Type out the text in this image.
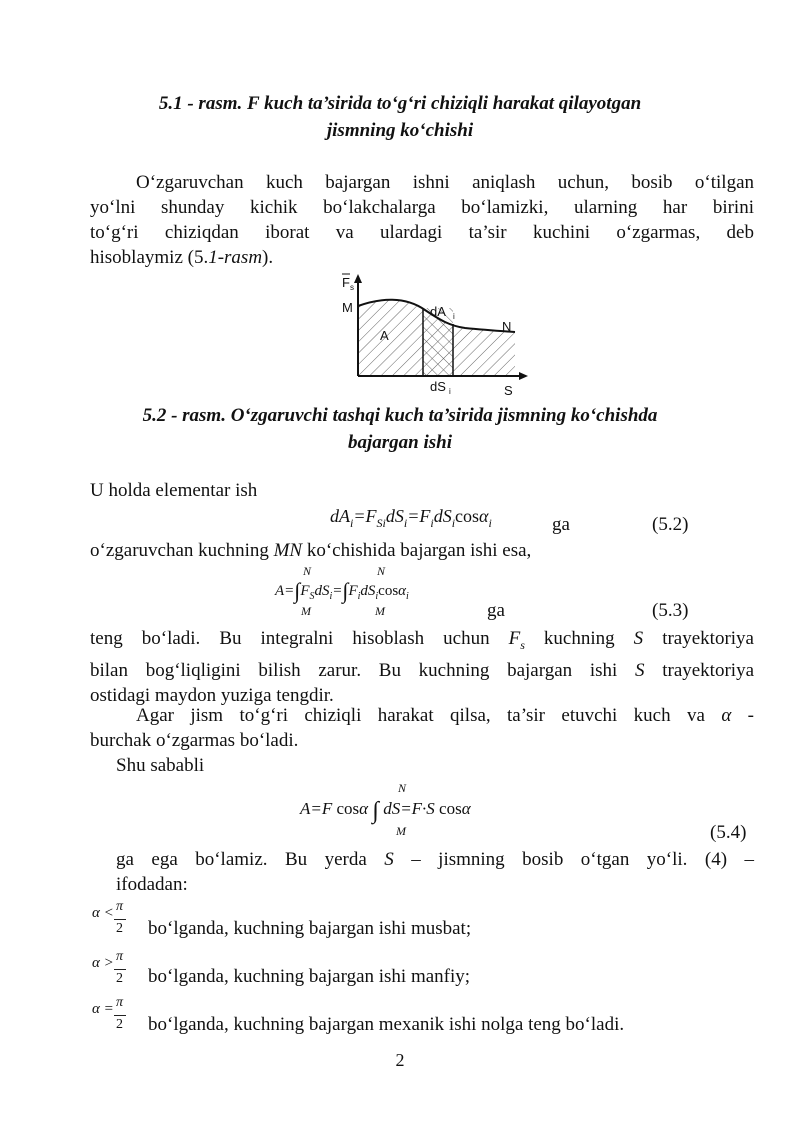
5.1 - rasm. F kuch ta’sirida to‘g‘ri chiziqli harakat qilayotgan
jismning ko‘chishi
O‘zgaruvchan kuch bajargan ishni aniqlash uchun, bosib o‘tilgan
yo‘lni shunday kichik bo‘lakchalarga bo‘lamizki, ularning har birini
to‘g‘ri chiziqdan iborat va ulardagi ta’sir kuchini o‘zgarmas, deb
hisoblaymiz (5.1-rasm).
F s
M
N
A
dA i
dS i	S
5.2 - rasm. O‘zgaruvchi tashqi kuch ta’sirida jismning ko‘chishda
bajargan ishi
U holda elementar ish
$dA_i=F_{Si}dS_i=F_idS_i\cos\alpha_i$	ga	(5.2)
o‘zgaruvchan kuchning MN ko‘chishida bajargan ishi esa,
$A=\int F_SdS_i=\int F_idS_i\cos\alpha_i$
N
M
N
M	ga	(5.3)
teng bo‘ladi. Bu integralni hisoblash uchun $F_s$ kuchning S trayektoriya
bilan bog‘liqligini bilish zarur. Bu kuchning bajargan ishi S trayektoriya
ostidagi maydon yuziga tengdir.
Agar jism to‘g‘ri chiziqli harakat qilsa, ta’sir etuvchi kuch va α -
burchak o‘zgarmas bo‘ladi.
Shu sababli
A=F cosα ∫ dS=F·S cosα
N
M	(5.4)
ga ega bo‘lamiz. Bu yerda S – jismning bosib o‘tgan yo‘li. (4) –
ifodadan:
α < π
2 bo‘lganda, kuchning bajargan ishi musbat;
α > π
2 bo‘lganda, kuchning bajargan ishi manfiy;
α = π
2 bo‘lganda, kuchning bajargan mexanik ishi nolga teng bo‘ladi.
2
